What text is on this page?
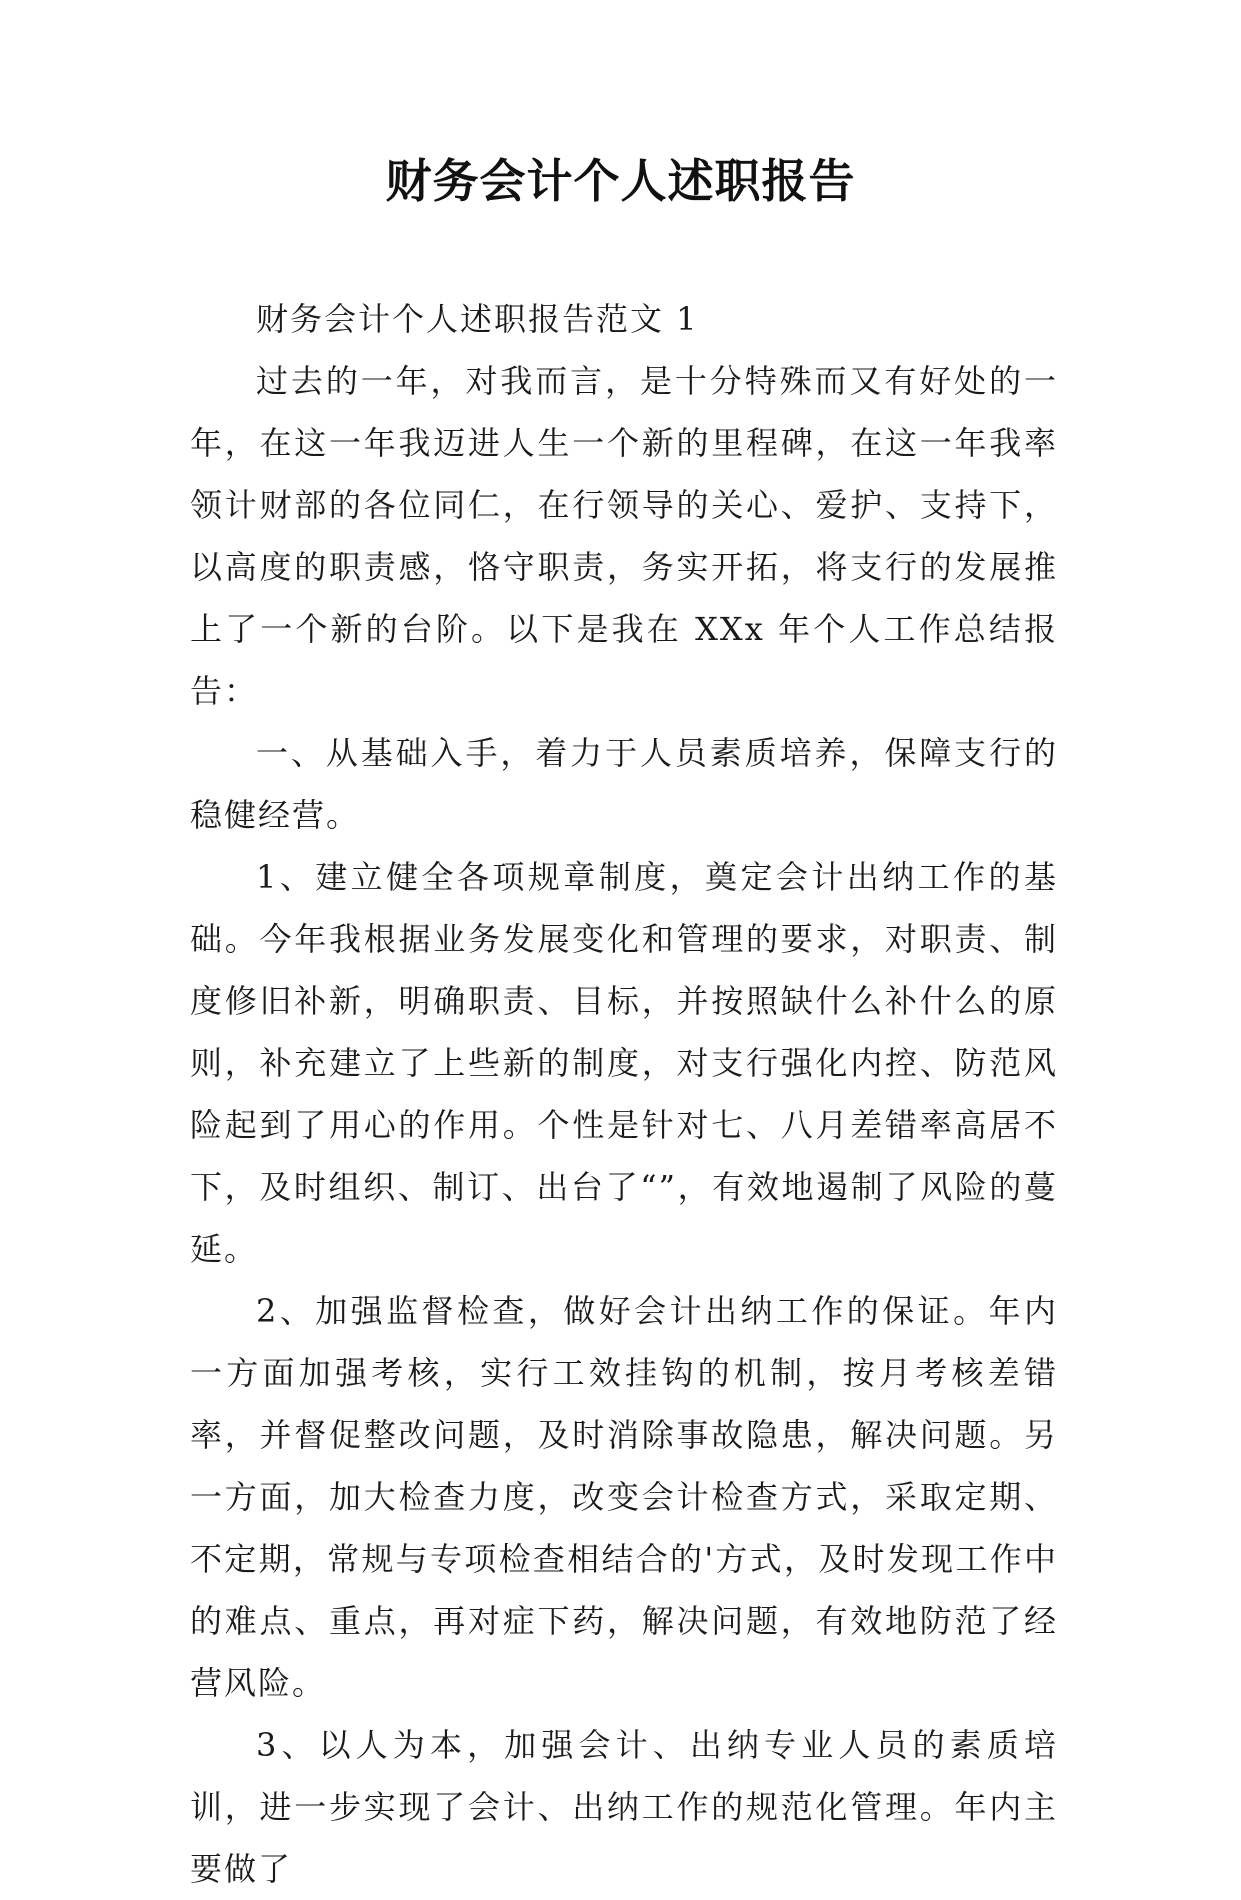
财务会计个人述职报告

财务会计个人述职报告范文 1

过去的一年，对我而言，是十分特殊而又有好处的一年，在这一年我迈进人生一个新的里程碑，在这一年我率领计财部的各位同仁，在行领导的关心、爱护、支持下，以高度的职责感，恪守职责，务实开拓，将支行的发展推上了一个新的台阶。以下是我在 XXx 年个人工作总结报告：

一、从基础入手，着力于人员素质培养，保障支行的稳健经营。

1、建立健全各项规章制度，奠定会计出纳工作的基础。今年我根据业务发展变化和管理的要求，对职责、制度修旧补新，明确职责、目标，并按照缺什么补什么的原则，补充建立了上些新的制度，对支行强化内控、防范风险起到了用心的作用。个性是针对七、八月差错率高居不下，及时组织、制订、出台了“”，有效地遏制了风险的蔓延。

2、加强监督检查，做好会计出纳工作的保证。年内一方面加强考核，实行工效挂钩的机制，按月考核差错率，并督促整改问题，及时消除事故隐患，解决问题。另一方面，加大检查力度，改变会计检查方式，采取定期、不定期，常规与专项检查相结合的'方式，及时发现工作中的难点、重点，再对症下药，解决问题，有效地防范了经营风险。

3、以人为本，加强会计、出纳专业人员的素质培训，进一步实现了会计、出纳工作的规范化管理。年内主要做了
